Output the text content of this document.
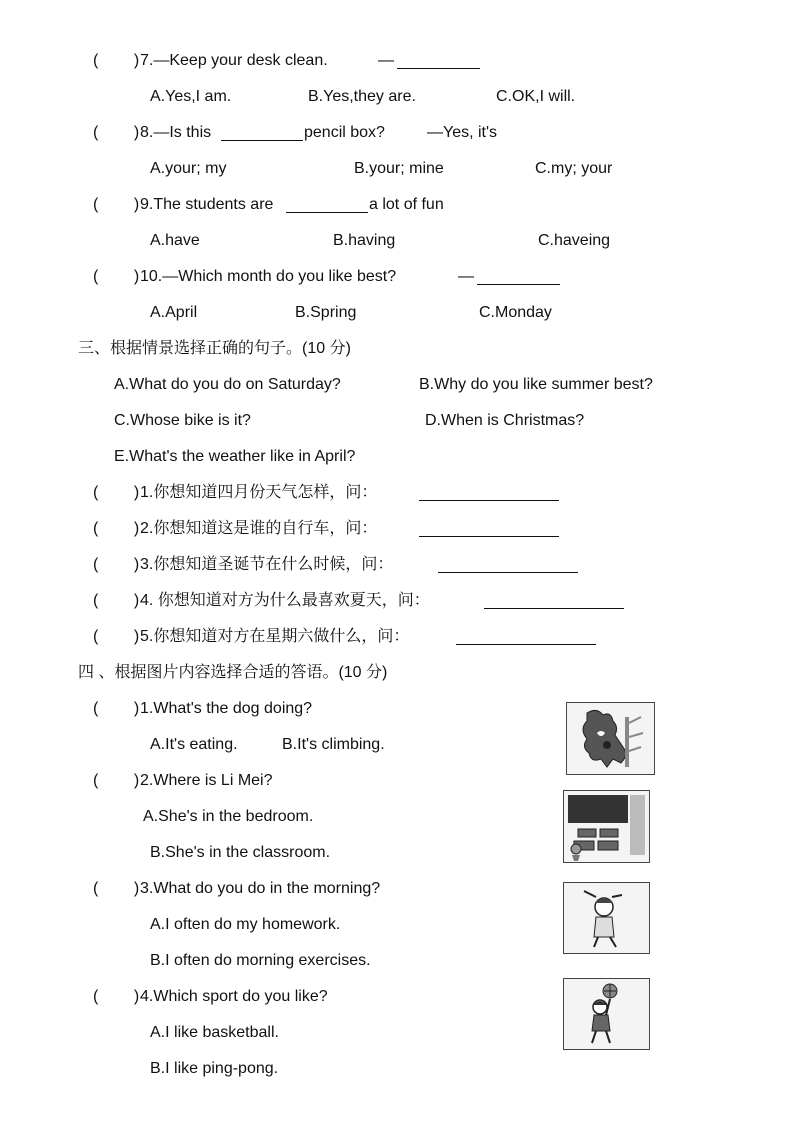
(        ) 7.—Keep your desk clean.	—
A.Yes,I am.	B.Yes,they are.	C.OK,I will.
(        ) 8.—Is this	pencil box?	—Yes, it's
A.your; my	B.your; mine	C.my; your
(        ) 9.The students are	a lot of fun
A.have	B.having	C.haveing
(        ) 10.—Which month do you like best?	—
A.April	B.Spring	C.Monday
三、根据情景选择正确的句子。(10 分)
A.What do you do on Saturday?	B.Why do you like summer best?
C.Whose bike is it?	D.When is Christmas?
E.What's the weather like in April?
(        ) 1.你想知道四月份天气怎样，问：
(        ) 2.你想知道这是谁的自行车，问：
(        ) 3.你想知道圣诞节在什么时候，问：
(        ) 4. 你想知道对方为什么最喜欢夏天，问：
(        ) 5.你想知道对方在星期六做什么，问：
四 、根据图片内容选择合适的答语。(10 分)
(        ) 1.What's the dog doing?
A.It's eating.	B.It's climbing.
(        ) 2.Where is Li Mei?
A.She's in the bedroom.
B.She's in the classroom.
(        ) 3.What do you do in the morning?
A.I often do my homework.
B.I often do morning exercises.
(        ) 4.Which sport do you like?
A.I like basketball.
B.I like ping-pong.
